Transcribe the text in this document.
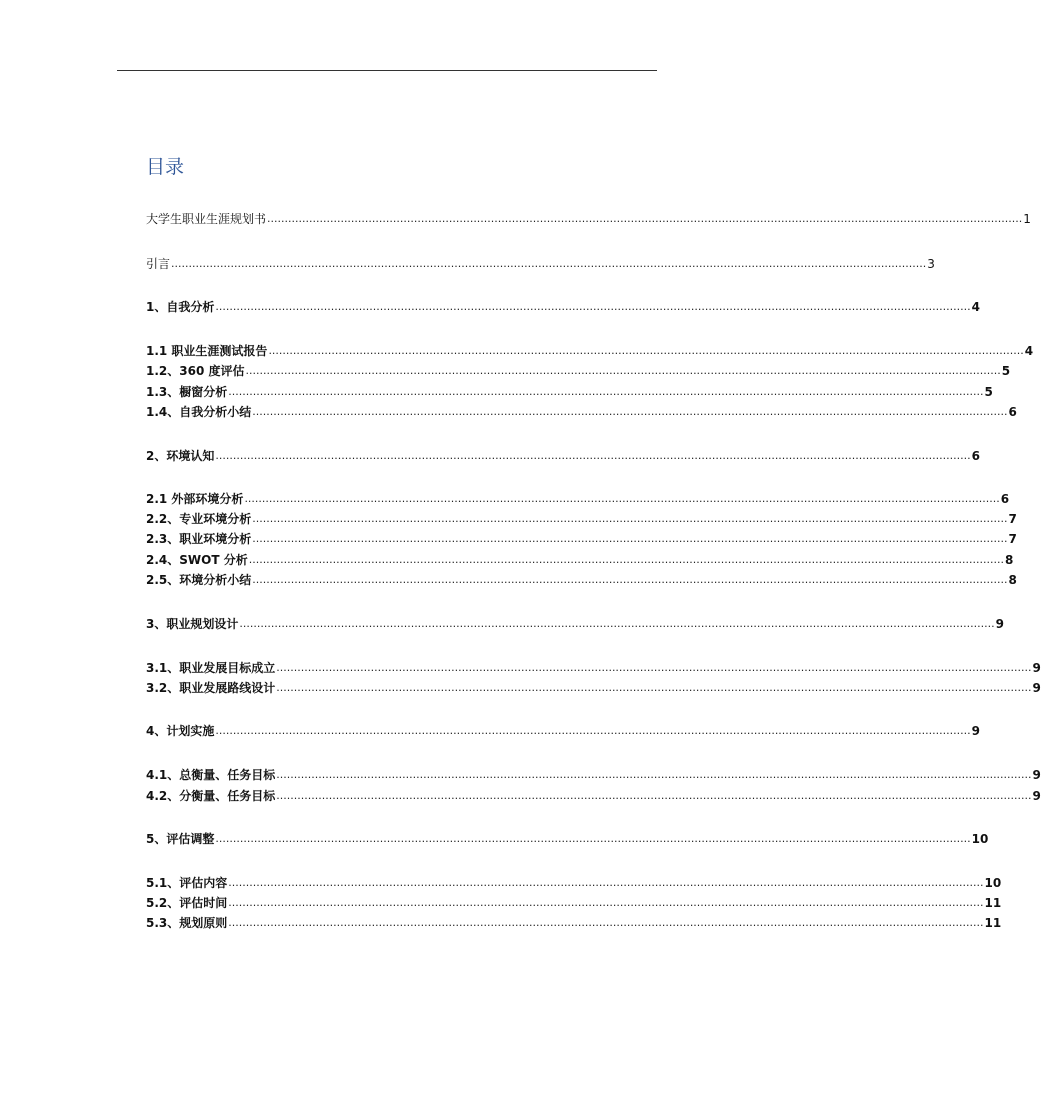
目录
大学生职业生涯规划书 ........................................................................................................................................................................................................................ 1
引言 ........................................................................................................................................................................................................................ 3
1、自我分析 ........................................................................................................................................................................................................................ 4
1.1 职业生涯测试报告 ........................................................................................................................................................................................................................ 4
1.2、360 度评估 ........................................................................................................................................................................................................................ 5
1.3、橱窗分析 ........................................................................................................................................................................................................................ 5
1.4、自我分析小结 ........................................................................................................................................................................................................................ 6
2、环境认知 ........................................................................................................................................................................................................................ 6
2.1 外部环境分析 ........................................................................................................................................................................................................................ 6
2.2、专业环境分析 ........................................................................................................................................................................................................................ 7
2.3、职业环境分析 ........................................................................................................................................................................................................................ 7
2.4、SWOT 分析 ........................................................................................................................................................................................................................ 8
2.5、环境分析小结 ........................................................................................................................................................................................................................ 8
3、职业规划设计 ........................................................................................................................................................................................................................ 9
3.1、职业发展目标成立 ........................................................................................................................................................................................................................ 9
3.2、职业发展路线设计 ........................................................................................................................................................................................................................ 9
4、计划实施 ........................................................................................................................................................................................................................ 9
4.1、总衡量、任务目标 ........................................................................................................................................................................................................................ 9
4.2、分衡量、任务目标 ........................................................................................................................................................................................................................ 9
5、评估调整 ........................................................................................................................................................................................................................ 10
5.1、评估内容 ........................................................................................................................................................................................................................ 10
5.2、评估时间 ........................................................................................................................................................................................................................ 11
5.3、规划原则 ........................................................................................................................................................................................................................ 11
